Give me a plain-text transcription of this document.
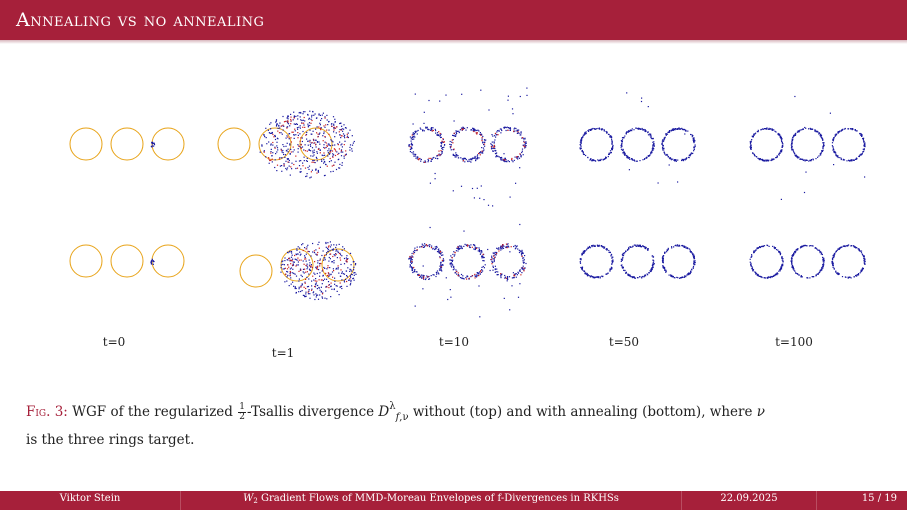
Annealing vs no annealing
t=0
t=1
t=10	t=50	t=100
Fig. 3: WGF of the regularized $\frac{1}{2}$ -Tsallis divergence $D^\lambda_{f,\nu}$ without (top) and with annealing (bottom), where ν
is the three rings target.
Viktor Stein	$W_2$ Gradient Flows of MMD-Moreau Envelopes of f-Divergences in RKHSs	22.09.2025	15 / 19
